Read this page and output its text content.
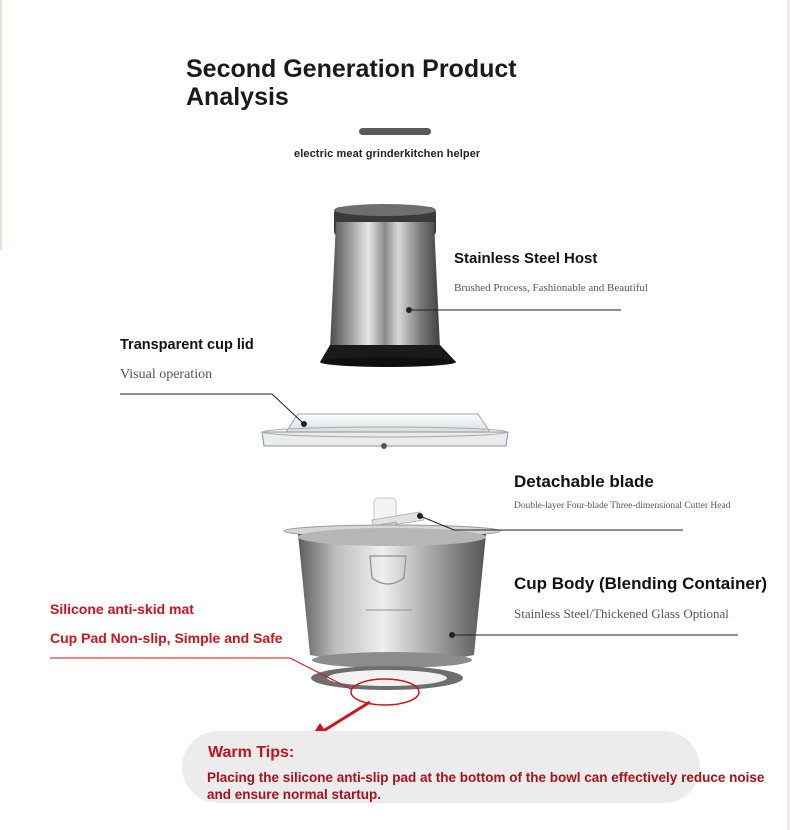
Second Generation Product Analysis
electric meat grinderkitchen helper
Stainless Steel Host
Brushed Process, Fashionable and Beautiful
Transparent cup lid
Visual operation
Detachable blade
Double-layer Four-blade Three-dimensional Cutter Head
Cup Body (Blending Container)
Stainless Steel/Thickened Glass Optional
Silicone anti-skid mat
Cup Pad Non-slip, Simple and Safe
Warm Tips:
Placing the silicone anti-slip pad at the bottom of the bowl can effectively reduce noise and ensure normal startup.
